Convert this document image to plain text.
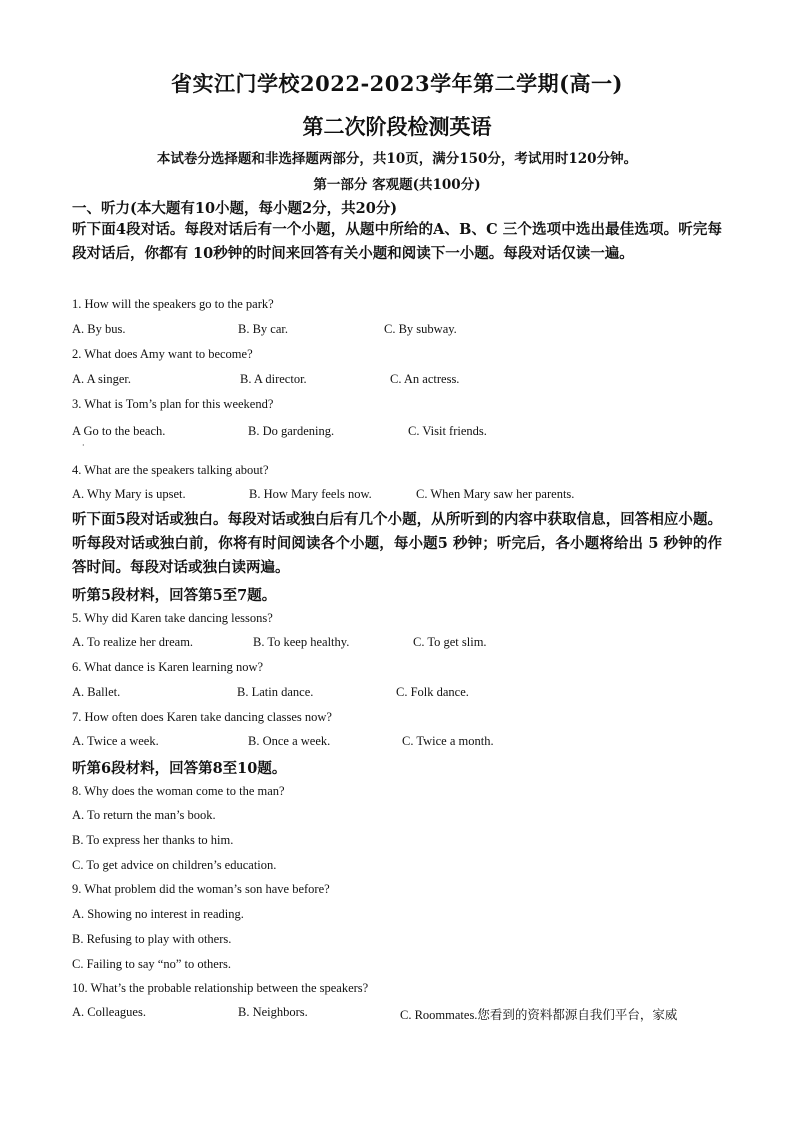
省实江门学校2022-2023学年第二学期(高一)
第二次阶段检测英语
本试卷分选择题和非选择题两部分，共10页，满分150分，考试用时120分钟。
第一部分 客观题(共100分)
一、听力(本大题有10小题，每小题2分，共20分)
听下面4段对话。每段对话后有一个小题，从题中所给的A、B、C 三个选项中选出最佳选项。听完每段对话后，你都有 10秒钟的时间来回答有关小题和阅读下一小题。每段对话仅读一遍。
1. How will the speakers go to the park?
A. By bus.	B. By car.	C. By subway.
2. What does Amy want to become?
A. A singer.	B. A director.	C. An actress.
3. What is Tom’s plan for this weekend?
A Go to the beach.	B. Do gardening.	C. Visit friends.
·
4. What are the speakers talking about?
A. Why Mary is upset.	B. How Mary feels now.	C. When Mary saw her parents.
听下面5段对话或独白。每段对话或独白后有几个小题，从所听到的内容中获取信息，回答相应小题。听每段对话或独白前，你将有时间阅读各个小题，每小题5 秒钟；听完后，各小题将给出 5 秒钟的作答时间。每段对话或独白读两遍。
听第5段材料，回答第5至7题。
5. Why did Karen take dancing lessons?
A. To realize her dream.	B. To keep healthy.	C. To get slim.
6. What dance is Karen learning now?
A. Ballet.	B. Latin dance.	C. Folk dance.
7. How often does Karen take dancing classes now?
A. Twice a week.	B. Once a week.	C. Twice a month.
听第6段材料，回答第8至10题。
8. Why does the woman come to the man?
A. To return the man’s book.
B. To express her thanks to him.
C. To get advice on children’s education.
9. What problem did the woman’s son have before?
A. Showing no interest in reading.
B. Refusing to play with others.
C. Failing to say “no” to others.
10. What’s the probable relationship between the speakers?
A. Colleagues.	B. Neighbors.	C. Roommates.您看到的资料都源自我们平台，家威
